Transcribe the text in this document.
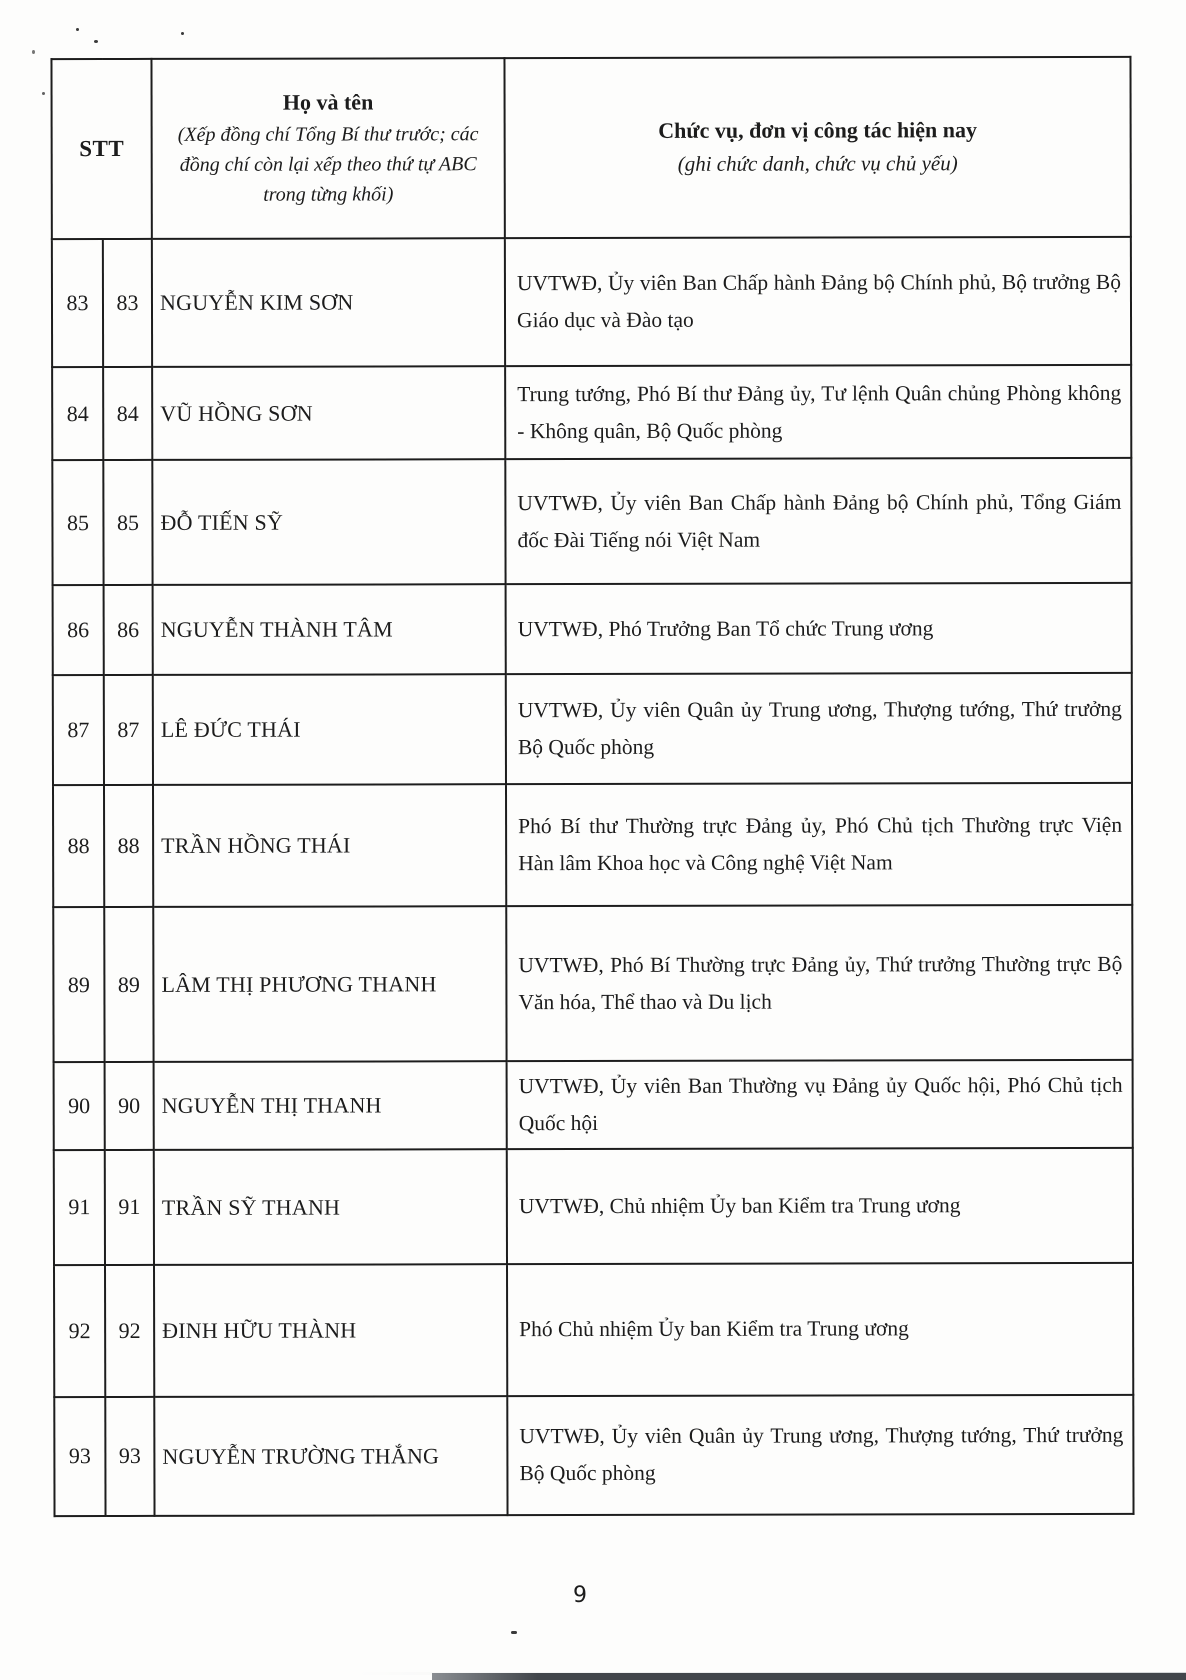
STT	
Họ và tên
(Xếp đồng chí Tổng Bí thư trước; các đồng chí còn lại xếp theo thứ tự ABC trong từng khối)

Chức vụ, đơn vị công tác hiện nay
(ghi chức danh, chức vụ chủ yếu)

83	83	NGUYỄN KIM SƠN	UVTWĐ, Ủy viên Ban Chấp hành Đảng bộ Chính phủ, Bộ trưởng Bộ Giáo dục và Đào tạo
84	84	VŨ HỒNG SƠN	Trung tướng, Phó Bí thư Đảng ủy, Tư lệnh Quân chủng Phòng không - Không quân, Bộ Quốc phòng
85	85	ĐỖ TIẾN SỸ	UVTWĐ, Ủy viên Ban Chấp hành Đảng bộ Chính phủ, Tổng Giám đốc Đài Tiếng nói Việt Nam
86	86	NGUYỄN THÀNH TÂM	UVTWĐ, Phó Trưởng Ban Tổ chức Trung ương
87	87	LÊ ĐỨC THÁI	UVTWĐ, Ủy viên Quân ủy Trung ương, Thượng tướng, Thứ trưởng Bộ Quốc phòng
88	88	TRẦN HỒNG THÁI	Phó Bí thư Thường trực Đảng ủy, Phó Chủ tịch Thường trực Viện Hàn lâm Khoa học và Công nghệ Việt Nam
89	89	LÂM THỊ PHƯƠNG THANH	UVTWĐ, Phó Bí Thường trực Đảng ủy, Thứ trưởng Thường trực Bộ Văn hóa, Thể thao và Du lịch
90	90	NGUYỄN THỊ THANH	UVTWĐ, Ủy viên Ban Thường vụ Đảng ủy Quốc hội, Phó Chủ tịch Quốc hội
91	91	TRẦN SỸ THANH	UVTWĐ, Chủ nhiệm Ủy ban Kiểm tra Trung ương
92	92	ĐINH HỮU THÀNH	Phó Chủ nhiệm Ủy ban Kiểm tra Trung ương
93	93	NGUYỄN TRƯỜNG THẮNG	UVTWĐ, Ủy viên Quân ủy Trung ương, Thượng tướng, Thứ trưởng Bộ Quốc phòng
9
